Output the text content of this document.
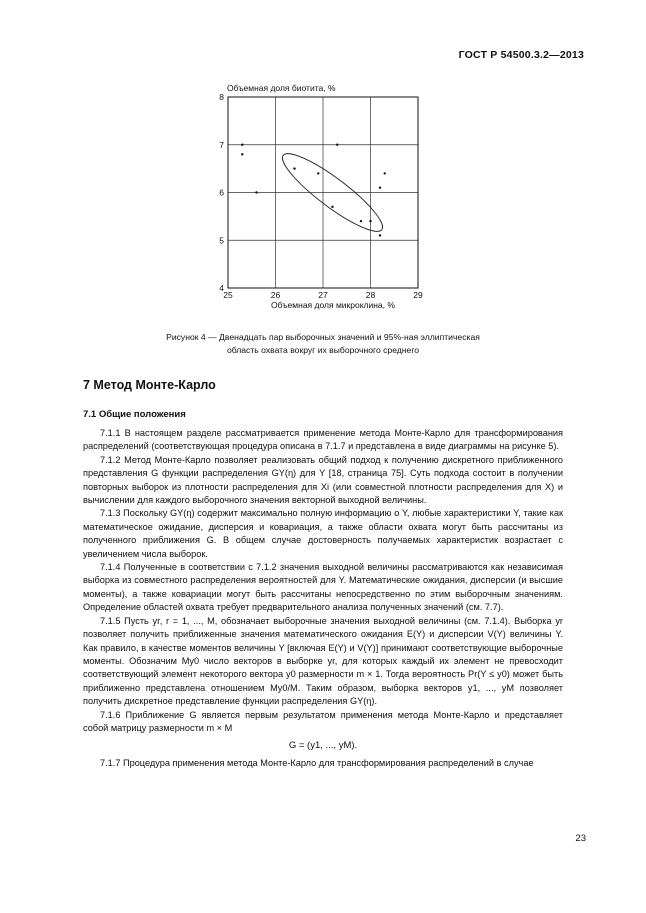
ГОСТ Р 54500.3.2—2013
25	26	27	28	29
4
5
6
7
8
Объемная доля биотита, %
Объемная доля микроклина, %
Рисунок 4 — Двенадцать пар выборочных значений и 95%-ная эллиптическая
область охвата вокруг их выборочного среднего
7 Метод Монте-Карло
7.1 Общие положения

7.1.1 В настоящем разделе рассматривается применение метода Монте-Карло для трансформирования распределений (соответствующая процедура описана в 7.1.7 и представлена в виде диаграммы на рисунке 5).

7.1.2 Метод Монте-Карло позволяет реализовать общий подход к получению дискретного приближенного представления G функции распределения GY(η) для Y [18, страница 75]. Суть подхода состоит в получении повторных выборок из плотности распределения для Xi (или совместной плотности распределения для X) и вычислении для каждого выборочного значения векторной выходной величины.

7.1.3 Поскольку GY(η) содержит максимально полную информацию о Y, любые характеристики Y, такие как математическое ожидание, дисперсия и ковариация, а также области охвата могут быть рассчитаны из полученного приближения G. В общем случае достоверность получаемых характеристик возрастает с увеличением числа выборок.

7.1.4 Полученные в соответствии с 7.1.2 значения выходной величины рассматриваются как независимая выборка из совместного распределения вероятностей для Y. Математические ожидания, дисперсии (и высшие моменты), а также ковариации могут быть рассчитаны непосредственно по этим выборочным значениям. Определение областей охвата требует предварительного анализа полученных значений (см. 7.7).

7.1.5 Пусть yr, r = 1, ..., M, обозначает выборочные значения выходной величины (см. 7.1.4). Выборка yr позволяет получить приближенные значения математического ожидания E(Y) и дисперсии V(Y) величины Y. Как правило, в качестве моментов величины Y [включая E(Y) и V(Y)] принимают соответствующие выборочные моменты. Обозначим My0 число векторов в выборке yr, для которых каждый их элемент не превосходит соответствующий элемент некоторого вектора y0 размерности m × 1. Тогда вероятность Pr(Y ≤ y0) может быть приближенно представлена отношением My0/M. Таким образом, выборка векторов y1, ..., yM позволяет получить дискретное представление функции распределения GY(η).

7.1.6 Приближение G является первым результатом применения метода Монте-Карло и представляет собой матрицу размерности m × M

G = (y1, ..., yM).

7.1.7 Процедура применения метода Монте-Карло для трансформирования распределений в случае

23
